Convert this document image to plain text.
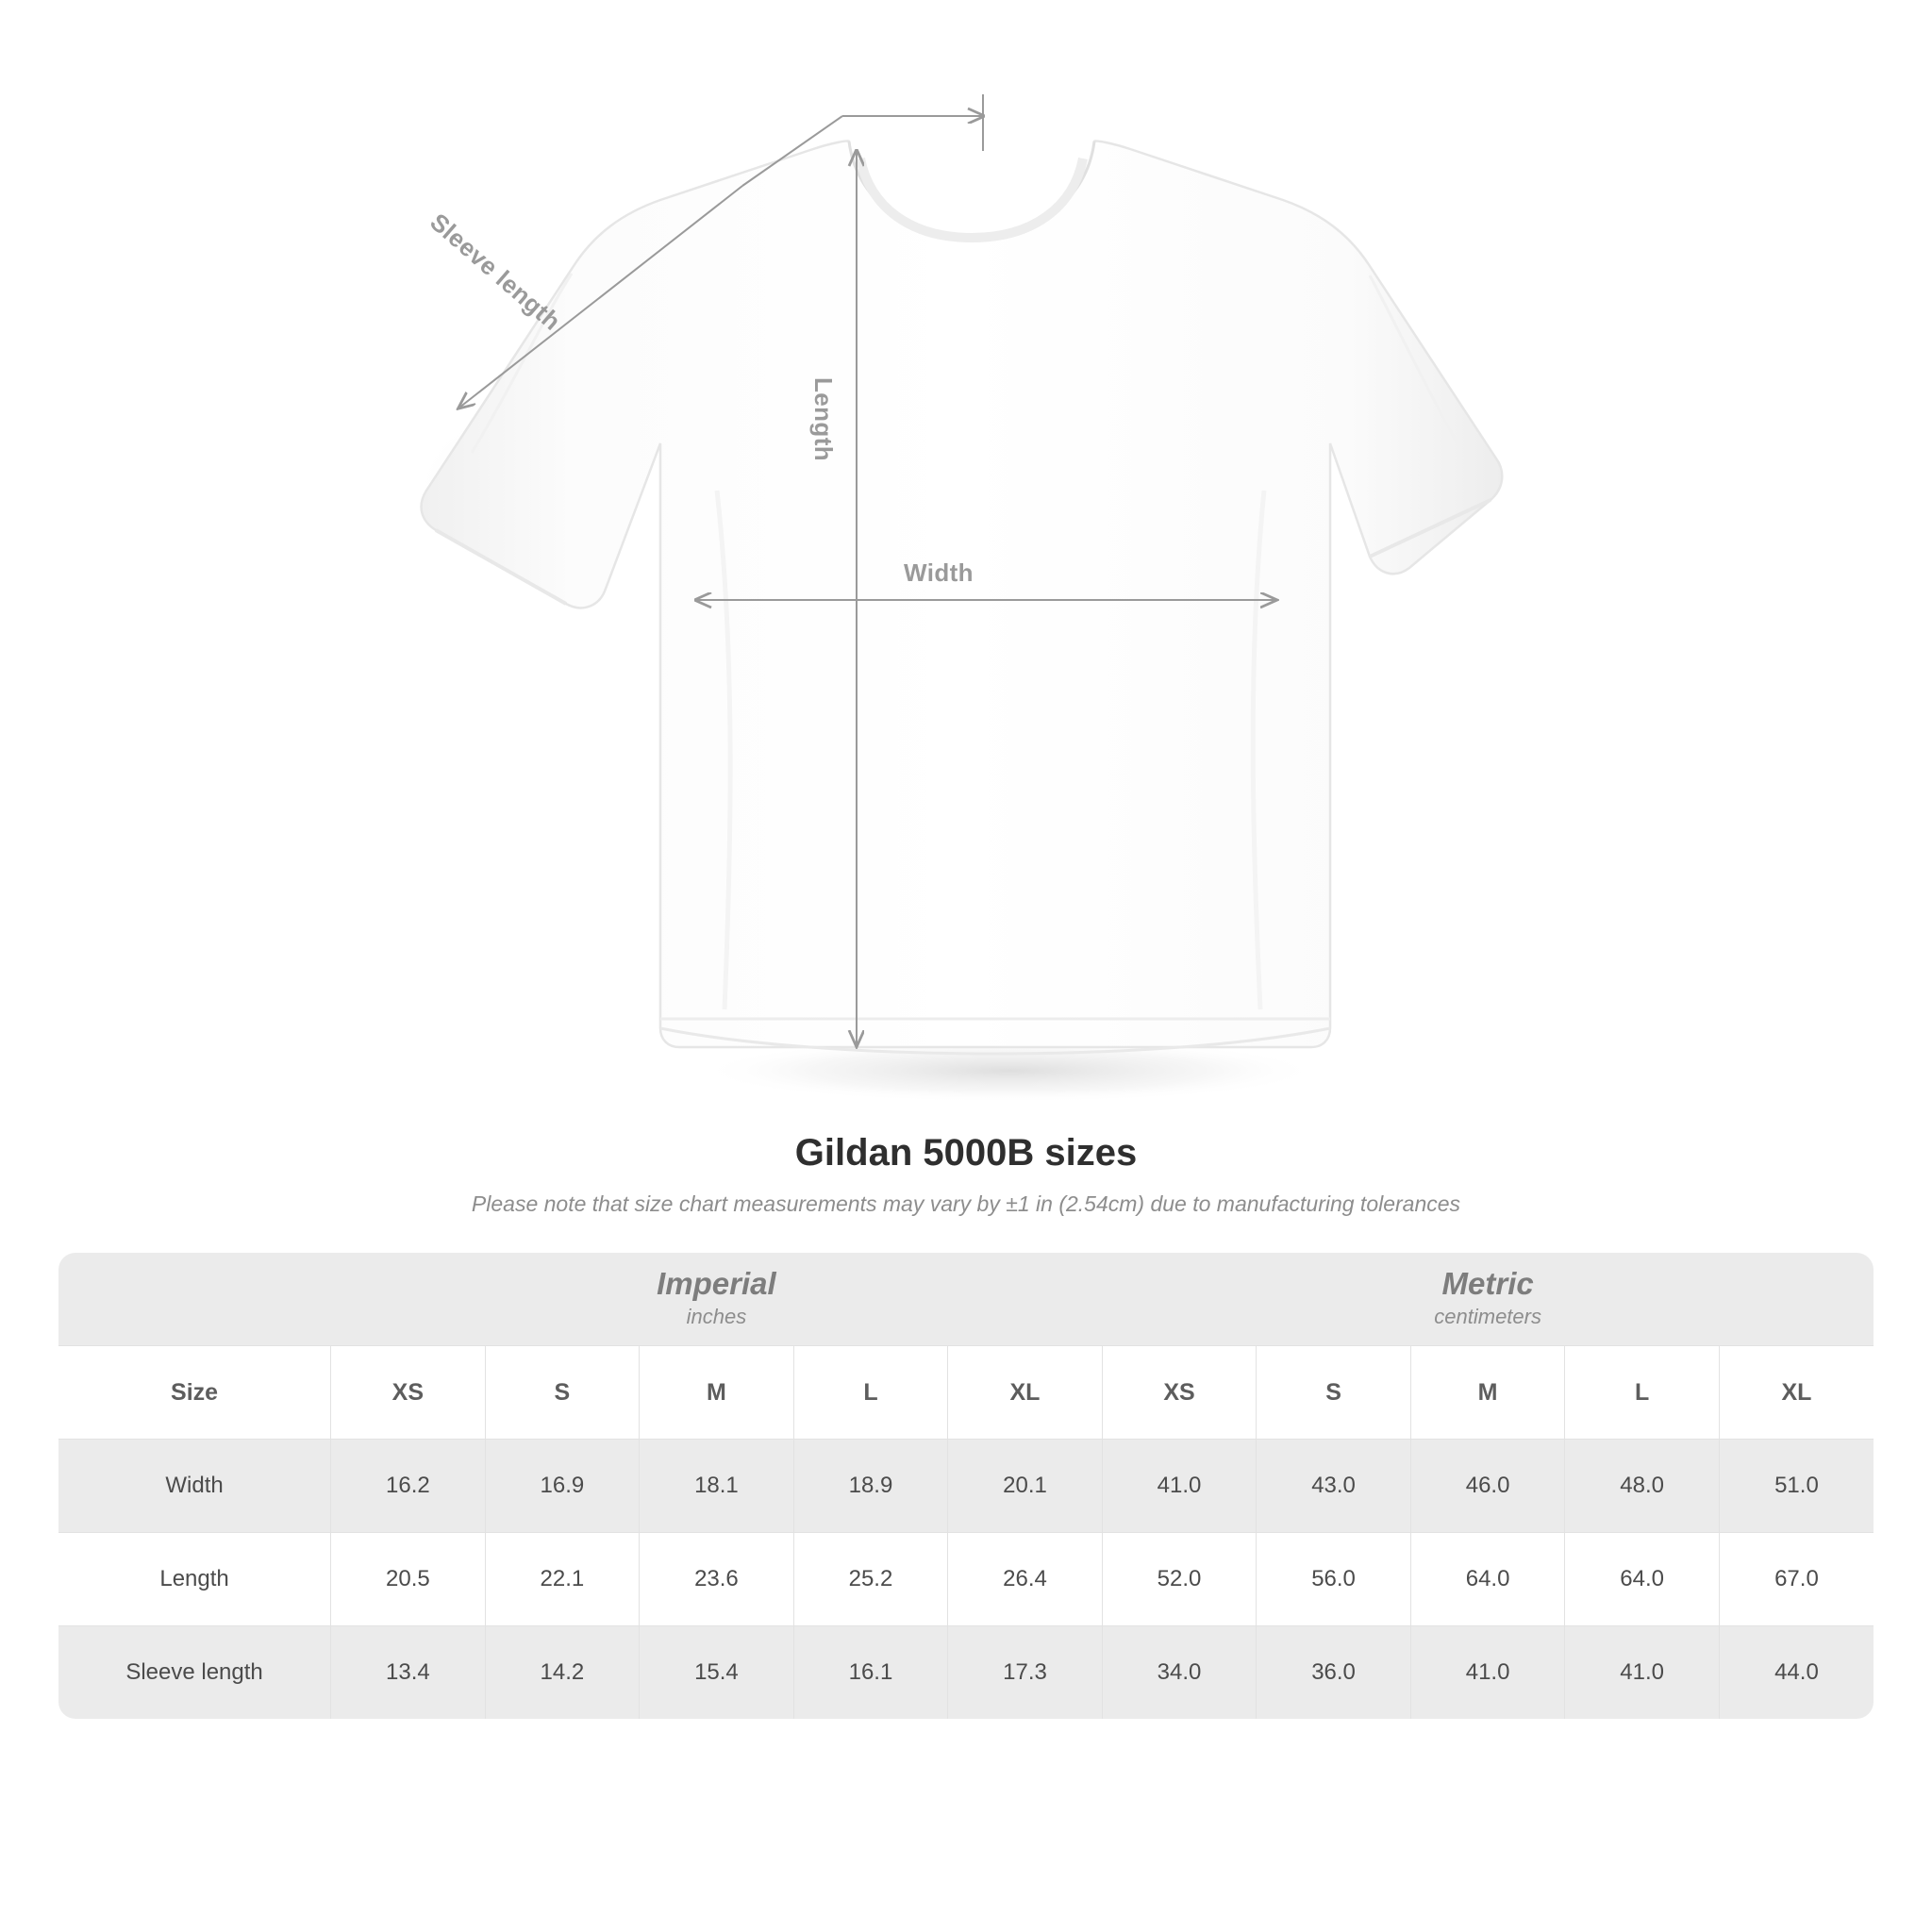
Width
Length
Sleeve length
Gildan 5000B sizes

Please note that size chart measurements may vary by ±1 in (2.54cm) due to manufacturing tolerances

Imperial
inches

Metric
centimeters

Size	XS	S	M	L	XL	XS	S	M	L	XL
Width	16.2	16.9	18.1	18.9	20.1	41.0	43.0	46.0	48.0	51.0
Length	20.5	22.1	23.6	25.2	26.4	52.0	56.0	64.0	64.0	67.0
Sleeve length	13.4	14.2	15.4	16.1	17.3	34.0	36.0	41.0	41.0	44.0
